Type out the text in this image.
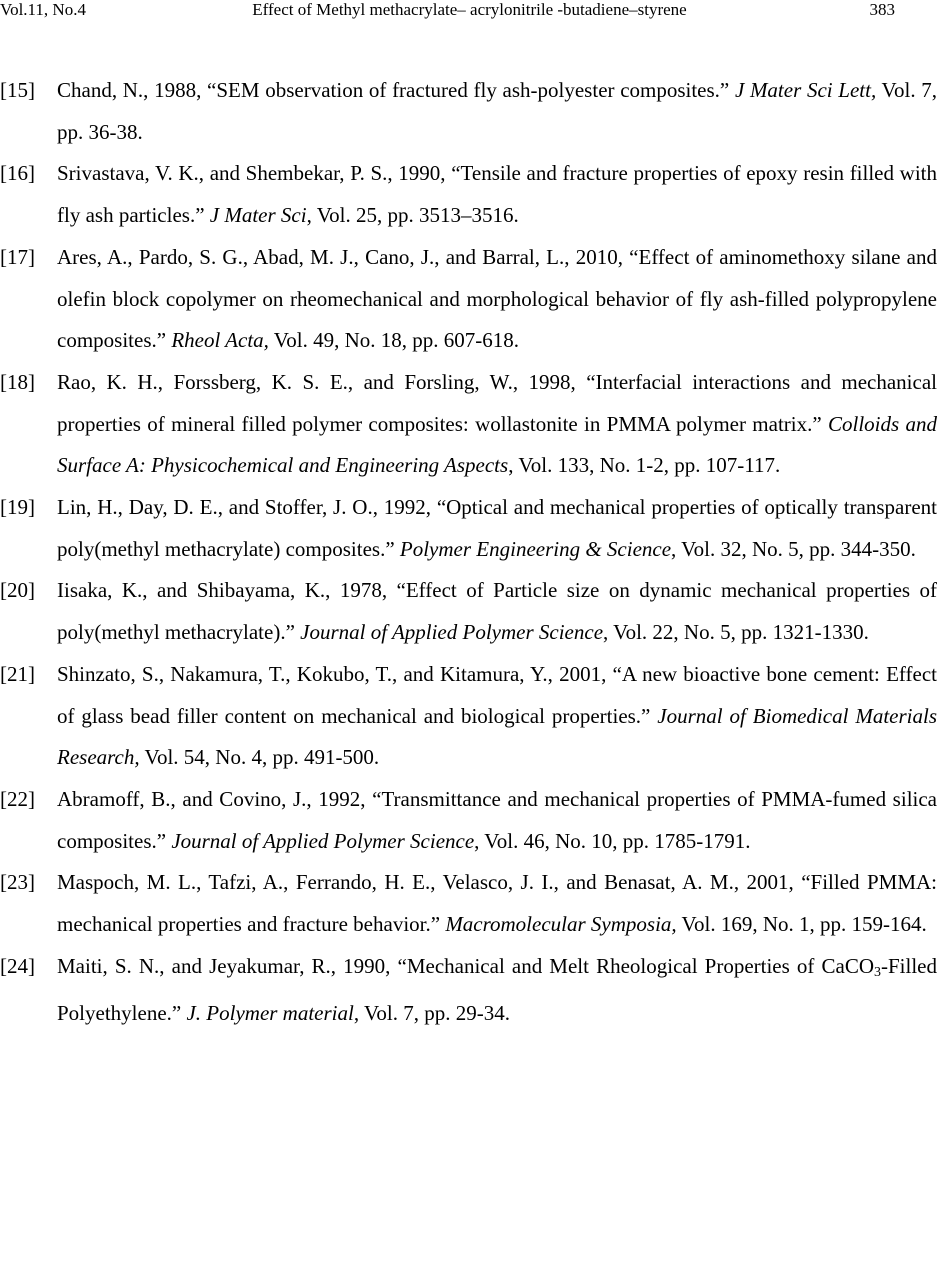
Vol.11, No.4	Effect of Methyl methacrylate– acrylonitrile -butadiene–styrene	383
[15] Chand, N., 1988, “SEM observation of fractured fly ash-polyester composites.” J Mater Sci Lett, Vol. 7, pp. 36-38.
[16] Srivastava, V. K., and Shembekar, P. S., 1990, “Tensile and fracture properties of epoxy resin filled with fly ash particles.” J Mater Sci, Vol. 25, pp. 3513–3516.
[17] Ares, A., Pardo, S. G., Abad, M. J., Cano, J., and Barral, L., 2010, “Effect of aminomethoxy silane and olefin block copolymer on rheomechanical and morphological behavior of fly ash-filled polypropylene composites.” Rheol Acta, Vol. 49, No. 18, pp. 607-618.
[18] Rao, K. H., Forssberg, K. S. E., and Forsling, W., 1998, “Interfacial interactions and mechanical properties of mineral filled polymer composites: wollastonite in PMMA polymer matrix.” Colloids and Surface A: Physicochemical and Engineering Aspects, Vol. 133, No. 1-2, pp. 107-117.
[19] Lin, H., Day, D. E., and Stoffer, J. O., 1992, “Optical and mechanical properties of optically transparent poly(methyl methacrylate) composites.” Polymer Engineering & Science, Vol. 32, No. 5, pp. 344-350.
[20] Iisaka, K., and Shibayama, K., 1978, “Effect of Particle size on dynamic mechanical properties of poly(methyl methacrylate).” Journal of Applied Polymer Science, Vol. 22, No. 5, pp. 1321-1330.
[21] Shinzato, S., Nakamura, T., Kokubo, T., and Kitamura, Y., 2001, “A new bioactive bone cement: Effect of glass bead filler content on mechanical and biological properties.” Journal of Biomedical Materials Research, Vol. 54, No. 4, pp. 491-500.
[22] Abramoff, B., and Covino, J., 1992, “Transmittance and mechanical properties of PMMA-fumed silica composites.” Journal of Applied Polymer Science, Vol. 46, No. 10, pp. 1785-1791.
[23] Maspoch, M. L., Tafzi, A., Ferrando, H. E., Velasco, J. I., and Benasat, A. M., 2001, “Filled PMMA: mechanical properties and fracture behavior.” Macromolecular Symposia, Vol. 169, No. 1, pp. 159-164.
[24] Maiti, S. N., and Jeyakumar, R., 1990, “Mechanical and Melt Rheological Properties of CaCO$_3$-Filled Polyethylene.” J. Polymer material, Vol. 7, pp. 29-34.
